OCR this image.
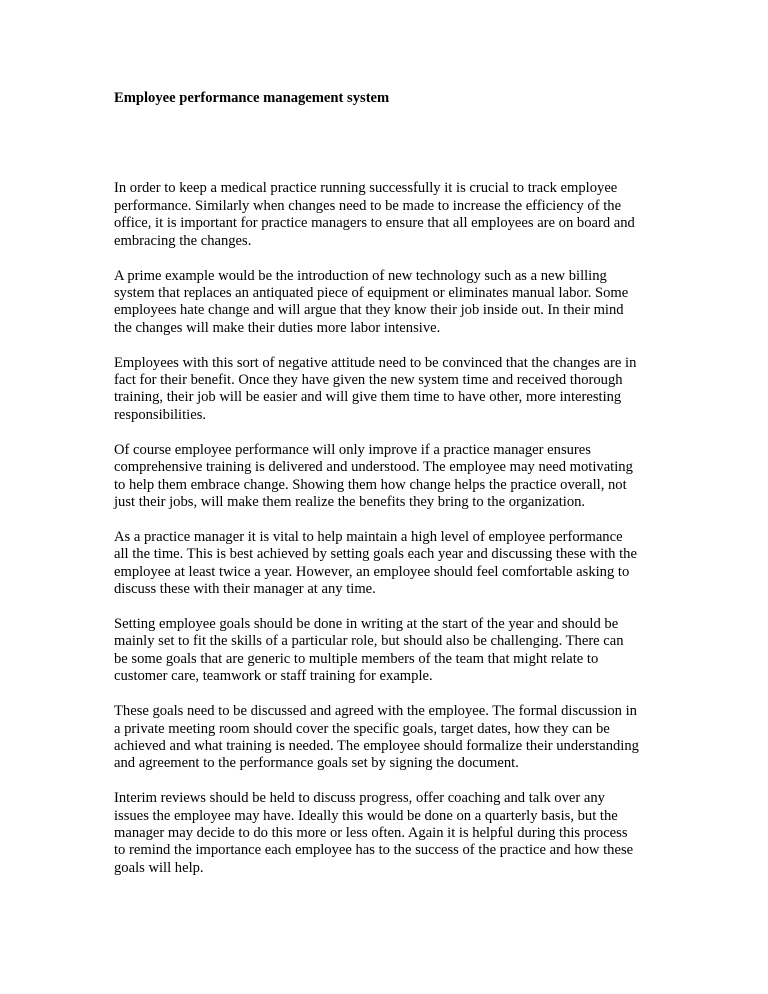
Employee performance management system

In order to keep a medical practice running successfully it is crucial to track employee
performance. Similarly when changes need to be made to increase the efficiency of the
office, it is important for practice managers to ensure that all employees are on board and
embracing the changes.

A prime example would be the introduction of new technology such as a new billing
system that replaces an antiquated piece of equipment or eliminates manual labor. Some
employees hate change and will argue that they know their job inside out. In their mind
the changes will make their duties more labor intensive.

Employees with this sort of negative attitude need to be convinced that the changes are in
fact for their benefit. Once they have given the new system time and received thorough
training, their job will be easier and will give them time to have other, more interesting
responsibilities.

Of course employee performance will only improve if a practice manager ensures
comprehensive training is delivered and understood. The employee may need motivating
to help them embrace change. Showing them how change helps the practice overall, not
just their jobs, will make them realize the benefits they bring to the organization.

As a practice manager it is vital to help maintain a high level of employee performance
all the time. This is best achieved by setting goals each year and discussing these with the
employee at least twice a year. However, an employee should feel comfortable asking to
discuss these with their manager at any time.

Setting employee goals should be done in writing at the start of the year and should be
mainly set to fit the skills of a particular role, but should also be challenging. There can
be some goals that are generic to multiple members of the team that might relate to
customer care, teamwork or staff training for example.

These goals need to be discussed and agreed with the employee. The formal discussion in
a private meeting room should cover the specific goals, target dates, how they can be
achieved and what training is needed. The employee should formalize their understanding
and agreement to the performance goals set by signing the document.

Interim reviews should be held to discuss progress, offer coaching and talk over any
issues the employee may have. Ideally this would be done on a quarterly basis, but the
manager may decide to do this more or less often. Again it is helpful during this process
to remind the importance each employee has to the success of the practice and how these
goals will help.
